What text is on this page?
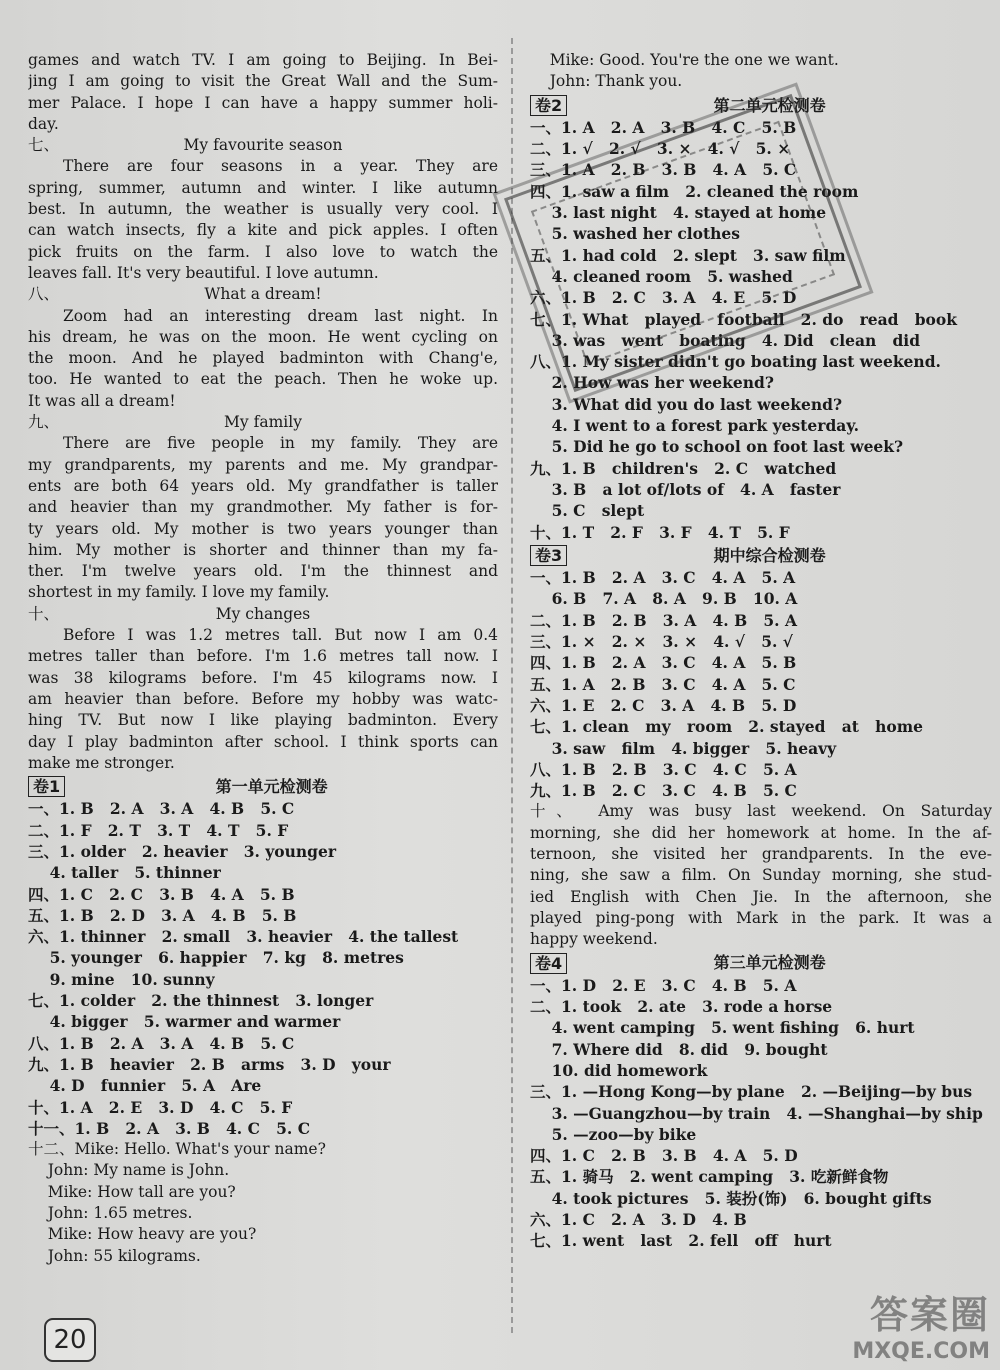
games and watch TV. I am going to Beijing. In Bei-
jing I am going to visit the Great Wall and the Sum-
mer Palace. I hope I can have a happy summer holi-
day.
七、	My favourite season
There are four seasons in a year. They are
spring, summer, autumn and winter. I like autumn
best. In autumn, the weather is usually very cool. I
can watch insects, fly a kite and pick apples. I often
pick fruits on the farm. I also love to watch the
leaves fall. It's very beautiful. I love autumn.
八、	What a dream!
Zoom had an interesting dream last night. In
his dream, he was on the moon. He went cycling on
the moon. And he played badminton with Chang'e,
too. He wanted to eat the peach. Then he woke up.
It was all a dream!
九、	My family
There are five people in my family. They are
my grandparents, my parents and me. My grandpar-
ents are both 64 years old. My grandfather is taller
and heavier than my grandmother. My father is for-
ty years old. My mother is two years younger than
him. My mother is shorter and thinner than my fa-
ther. I'm twelve years old. I'm the thinnest and
shortest in my family. I love my family.
十、	My changes
Before I was 1.2 metres tall. But now I am 0.4
metres taller than before. I'm 1.6 metres tall now. I
was 38 kilograms before. I'm 45 kilograms now. I
am heavier than before. Before my hobby was watc-
hing TV. But now I like playing badminton. Every
day I play badminton after school. I think sports can
make me stronger.
卷1	第一单元检测卷
一、1. B   2. A   3. A   4. B   5. C
二、1. F   2. T   3. T   4. T   5. F
三、1. older   2. heavier   3. younger
4. taller   5. thinner
四、1. C   2. C   3. B   4. A   5. B
五、1. B   2. D   3. A   4. B   5. B
六、1. thinner   2. small   3. heavier   4. the tallest
5. younger   6. happier   7. kg   8. metres
9. mine   10. sunny
七、1. colder   2. the thinnest   3. longer
4. bigger   5. warmer and warmer
八、1. B   2. A   3. A   4. B   5. C
九、1. B   heavier   2. B   arms   3. D   your
4. D   funnier   5. A   Are
十、1. A   2. E   3. D   4. C   5. F
十一、1. B   2. A   3. B   4. C   5. C
十二、Mike: Hello. What's your name?
John: My name is John.
Mike: How tall are you?
John: 1.65 metres.
Mike: How heavy are you?
John: 55 kilograms.
Mike: Good. You're the one we want.
John: Thank you.
卷2	第二单元检测卷
一、1. A   2. A   3. B   4. C   5. B
二、1. √   2. √   3. ×   4. √   5. ×
三、1. A   2. B   3. B   4. A   5. C
四、1. saw a film   2. cleaned the room
3. last night   4. stayed at home
5. washed her clothes
五、1. had cold   2. slept   3. saw film
4. cleaned room   5. washed
六、1. B   2. C   3. A   4. E   5. D
七、1. What   played   football   2. do   read   book
3. was   went   boating   4. Did   clean   did
八、1. My sister didn't go boating last weekend.
2. How was her weekend?
3. What did you do last weekend?
4. I went to a forest park yesterday.
5. Did he go to school on foot last week?
九、1. B   children's   2. C   watched
3. B   a lot of/lots of   4. A   faster
5. C   slept
十、1. T   2. F   3. F   4. T   5. F
卷3	期中综合检测卷
一、1. B   2. A   3. C   4. A   5. A
6. B   7. A   8. A   9. B   10. A
二、1. B   2. B   3. A   4. B   5. A
三、1. ×   2. ×   3. ×   4. √   5. √
四、1. B   2. A   3. C   4. A   5. B
五、1. A   2. B   3. C   4. A   5. C
六、1. E   2. C   3. A   4. B   5. D
七、1. clean   my   room   2. stayed   at   home
3. saw   film   4. bigger   5. heavy
八、1. B   2. B   3. C   4. C   5. A
九、1. B   2. C   3. C   4. B   5. C
十、 Amy was busy last weekend. On Saturday
morning, she did her homework at home. In the af-
ternoon, she visited her grandparents. In the eve-
ning, she saw a film. On Sunday morning, she stud-
ied English with Chen Jie. In the afternoon, she
played ping-pong with Mark in the park. It was a
happy weekend.
卷4	第三单元检测卷
一、1. D   2. E   3. C   4. B   5. A
二、1. took   2. ate   3. rode a horse
4. went camping   5. went fishing   6. hurt
7. Where did   8. did   9. bought
10. did homework
三、1. —Hong Kong—by plane   2. —Beijing—by bus
3. —Guangzhou—by train   4. —Shanghai—by ship
5. —zoo—by bike
四、1. C   2. B   3. B   4. A   5. D
五、1. 骑马   2. went camping   3. 吃新鲜食物
4. took pictures   5. 装扮(饰)   6. bought gifts
六、1. C   2. A   3. D   4. B
七、1. went   last   2. fell   off   hurt
20
答案圈
MXQE.COM
